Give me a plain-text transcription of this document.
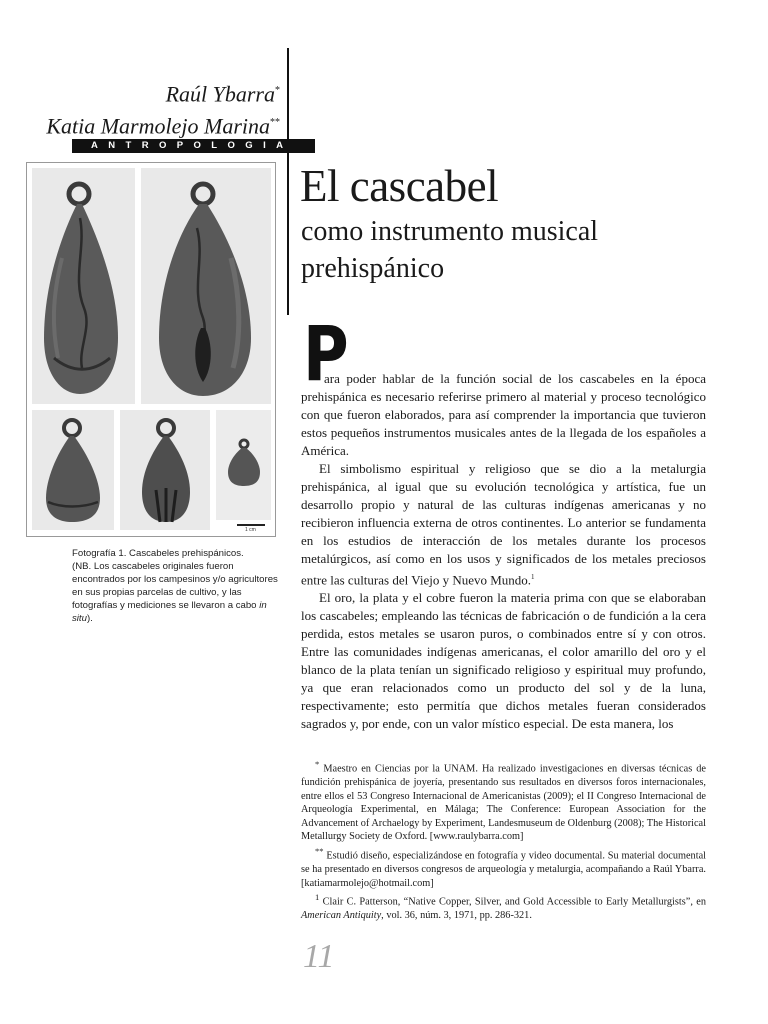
Raúl Ybarra*
Katia Marmolejo Marina**
ANTROPOLOGIA
1 cm

Fotografía 1. Cascabeles prehispánicos.

(NB. Los cascabeles originales fueron encontrados por los campesinos y/o agricultores en sus propias parcelas de cultivo, y las fotografías y mediciones se llevaron a cabo in situ).

El cascabel
como instrumento musical prehispánico
P

ara poder hablar de la función social de los cascabeles en la época prehispánica es necesario referirse primero al material y proceso tecnológico con que fueron elaborados, para así comprender la importancia que tuvieron estos pequeños instrumentos musicales antes de la llegada de los españoles a América.

El simbolismo espiritual y religioso que se dio a la metalurgia prehispánica, al igual que su evolución tecnológica y artística, fue un desarrollo propio y natural de las culturas indígenas americanas y no recibieron influencia externa de otros continentes. Lo anterior se fundamenta en los estudios de interacción de los metales durante los procesos metalúrgicos, así como en los usos y significados de los metales preciosos entre las culturas del Viejo y Nuevo Mundo.$^1$

El oro, la plata y el cobre fueron la materia prima con que se elaboraban los cascabeles; empleando las técnicas de fabricación o de fundición a la cera perdida, estos metales se usaron puros, o combinados entre sí y con otros. Entre las comunidades indígenas americanas, el color amarillo del oro y el blanco de la plata tenían un significado religioso y espiritual muy profundo, ya que eran relacionados como un producto del sol y de la luna, respectivamente; esto permitía que dichos metales fueran considerados sagrados y, por ende, con un valor místico especial. De esta manera, los

* Maestro en Ciencias por la UNAM. Ha realizado investigaciones en diversas técnicas de fundición prehispánica de joyería, presentando sus resultados en diversos foros internacionales, entre ellos el 53 Congreso Internacional de Americanistas (2009); el II Congreso Internacional de Arqueología Experimental, en Málaga; The Conference: European Association for the Advancement of Archaelogy by Experiment, Landesmuseum de Oldenburg (2008); The Historical Metallurgy Society de Oxford. [www.raulybarra.com]

** Estudió diseño, especializándose en fotografía y video documental. Su material documental se ha presentado en diversos congresos de arqueología y metalurgia, acompañando a Raúl Ybarra. [katiamarmolejo@hotmail.com]

$^1$ Clair C. Patterson, “Native Copper, Silver, and Gold Accessible to Early Metallurgists”, en American Antiquity, vol. 36, núm. 3, 1971, pp. 286-321.

11
